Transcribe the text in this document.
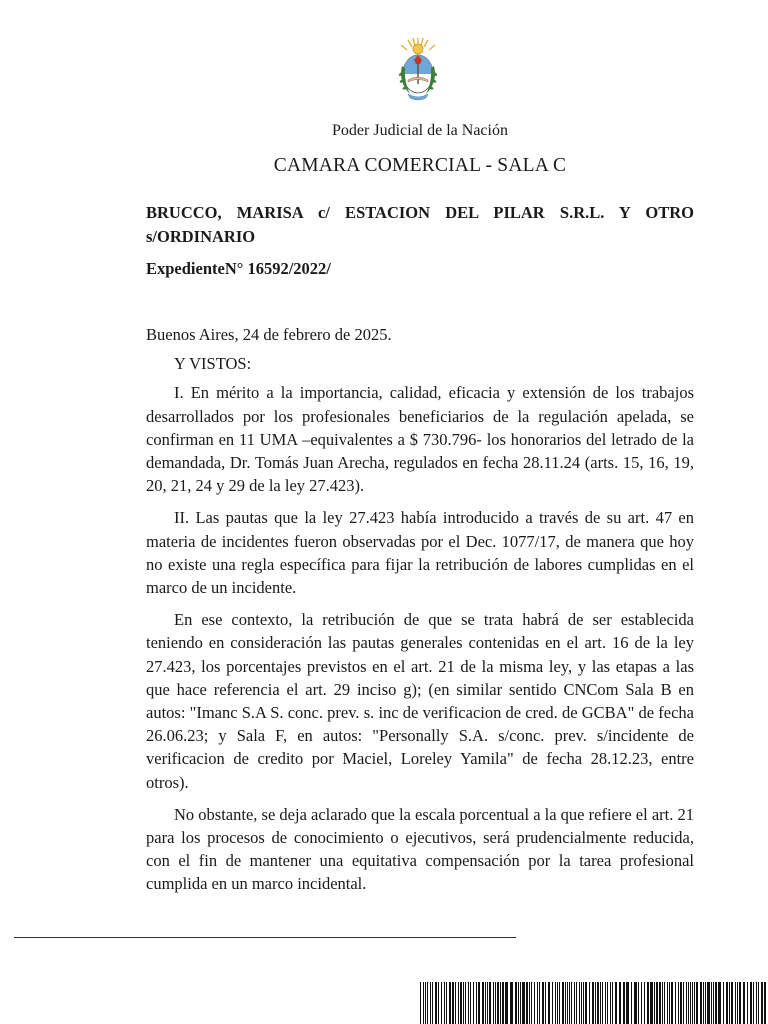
Poder Judicial de la Nación
CAMARA COMERCIAL - SALA C
BRUCCO, MARISA c/ ESTACION DEL PILAR S.R.L. Y OTRO
s/ORDINARIO
ExpedienteN° 16592/2022/

Buenos Aires, 24 de febrero de 2025.

Y VISTOS:

I. En mérito a la importancia, calidad, eficacia y extensión de los trabajos desarrollados por los profesionales beneficiarios de la regulación apelada, se confirman en 11 UMA –equivalentes a $ 730.796- los honorarios del letrado de la demandada, Dr. Tomás Juan Arecha, regulados en fecha 28.11.24 (arts. 15, 16, 19, 20, 21, 24 y 29 de la ley 27.423).

II. Las pautas que la ley 27.423 había introducido a través de su art. 47 en materia de incidentes fueron observadas por el Dec. 1077/17, de manera que hoy no existe una regla específica para fijar la retribución de labores cumplidas en el marco de un incidente.

En ese contexto, la retribución de que se trata habrá de ser establecida teniendo en consideración las pautas generales contenidas en el art. 16 de la ley 27.423, los porcentajes previstos en el art. 21 de la misma ley, y las etapas a las que hace referencia el art. 29 inciso g); (en similar sentido CNCom Sala B en autos: "Imanc S.A S. conc. prev. s. inc de verificacion de cred. de GCBA" de fecha 26.06.23; y Sala F, en autos: "Personally S.A. s/conc. prev. s/incidente de verificacion de credito por Maciel, Loreley Yamila" de fecha 28.12.23, entre otros).

No obstante, se deja aclarado que la escala porcentual a la que refiere el art. 21 para los procesos de conocimiento o ejecutivos, será prudencialmente reducida, con el fin de mantener una equitativa compensación por la tarea profesional cumplida en un marco incidental.
